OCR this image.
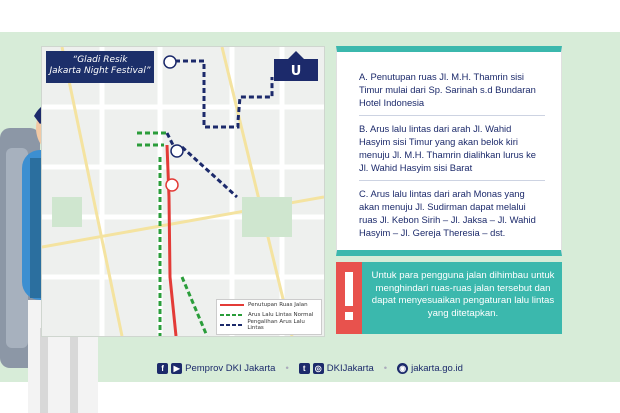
“Gladi Resik
Jakarta Night Festival”	U
Penutupan Ruas Jalan
Arus Lalu Lintas Normal
Pengalihan Arus Lalu Lintas
A. Penutupan ruas Jl. M.H. Thamrin sisi Timur mulai dari Sp. Sarinah s.d Bundaran Hotel Indonesia
B. Arus lalu lintas dari arah Jl. Wahid Hasyim sisi Timur yang akan belok kiri menuju Jl. M.H. Thamrin dialihkan lurus ke Jl. Wahid Hasyim sisi Barat
C. Arus lalu lintas dari arah Monas yang akan menuju Jl. Sudirman dapat melalui ruas Jl. Kebon Sirih – Jl. Jaksa – Jl. Wahid Hasyim – Jl. Gereja Theresia – dst.
Untuk para pengguna jalan dihimbau untuk menghindari ruas-ruas jalan tersebut dan dapat menyesuaikan pengaturan lalu lintas yang ditetapkan.
f	▶ Pemprov DKI Jakarta •	t	◎ DKIJakarta • ◉ jakarta.go.id
